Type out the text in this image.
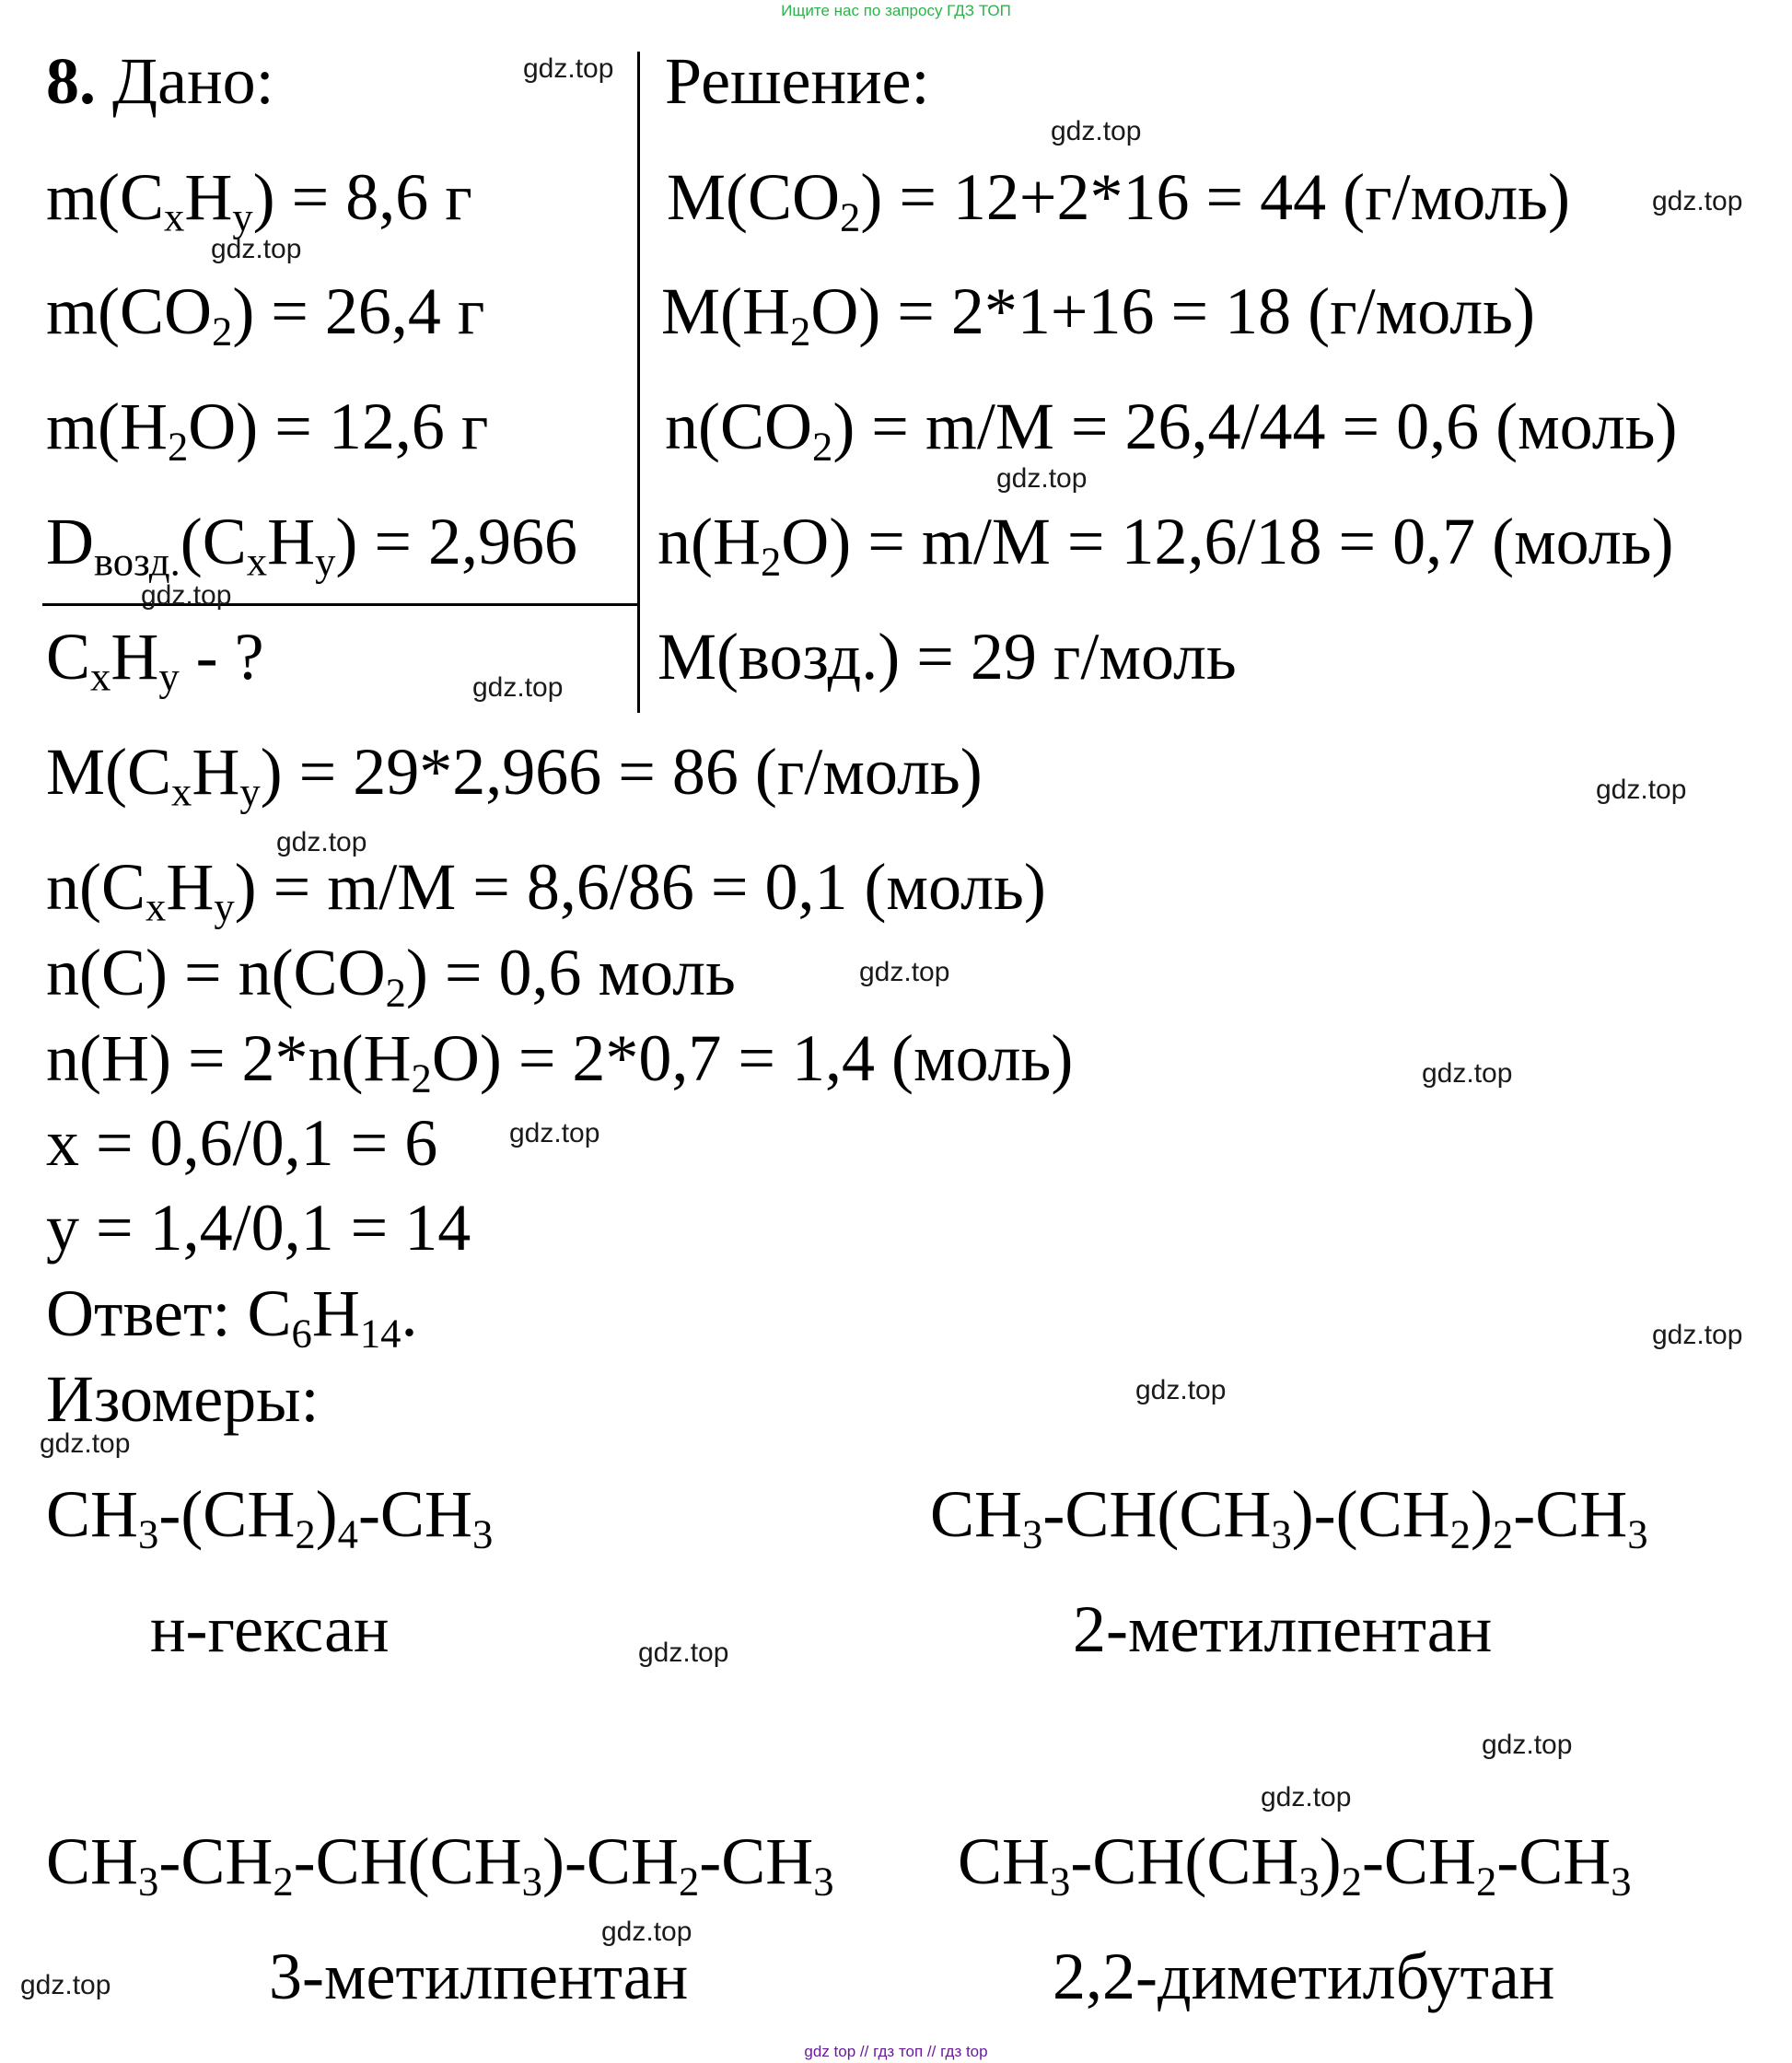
Ищите нас по запросу ГДЗ ТОП
8. Дано:	Решение:
$m(C_xH_y) = 8,6$ г
$m(CO_2) = 26,4$ г
$m(H_2O) = 12,6$ г
$D_{возд.}(C_xH_y) = 2,966$
$C_xH_y$ - ?
$M(CO_2) = 12+2*16 = 44$ (г/моль)
$M(H_2O) = 2*1+16 = 18$ (г/моль)
$n(CO_2) = m/M = 26,4/44 = 0,6$ (моль)
$n(H_2O) = m/M = 12,6/18 = 0,7$ (моль)
M(возд.) = 29 г/моль
$M(C_xH_y) = 29*2,966 = 86$ (г/моль)
$n(C_xH_y) = m/M = 8,6/86 = 0,1$ (моль)
$n(C) = n(CO_2) = 0,6$ моль
$n(H) = 2*n(H_2O) = 2*0,7 = 1,4$ (моль)
x = 0,6/0,1 = 6
y = 1,4/0,1 = 14
Ответ: $C_6H_{14}$.
Изомеры:
$CH_3-(CH_2)_4-CH_3$
н-гексан
$CH_3-CH(CH_3)-(CH_2)_2-CH_3$
2-метилпентан
$CH_3-CH_2-CH(CH_3)-CH_2-CH_3$
3-метилпентан
$CH_3-CH(CH_3)_2-CH_2-CH_3$
2,2-диметилбутан
gdz.top
gdz.top
gdz.top
gdz.top
gdz.top
gdz.top
gdz.top
gdz.top
gdz.top
gdz.top
gdz.top
gdz.top
gdz.top
gdz.top
gdz.top
gdz.top
gdz.top
gdz.top
gdz.top
gdz.top
gdz top // гдз топ // гдз top
